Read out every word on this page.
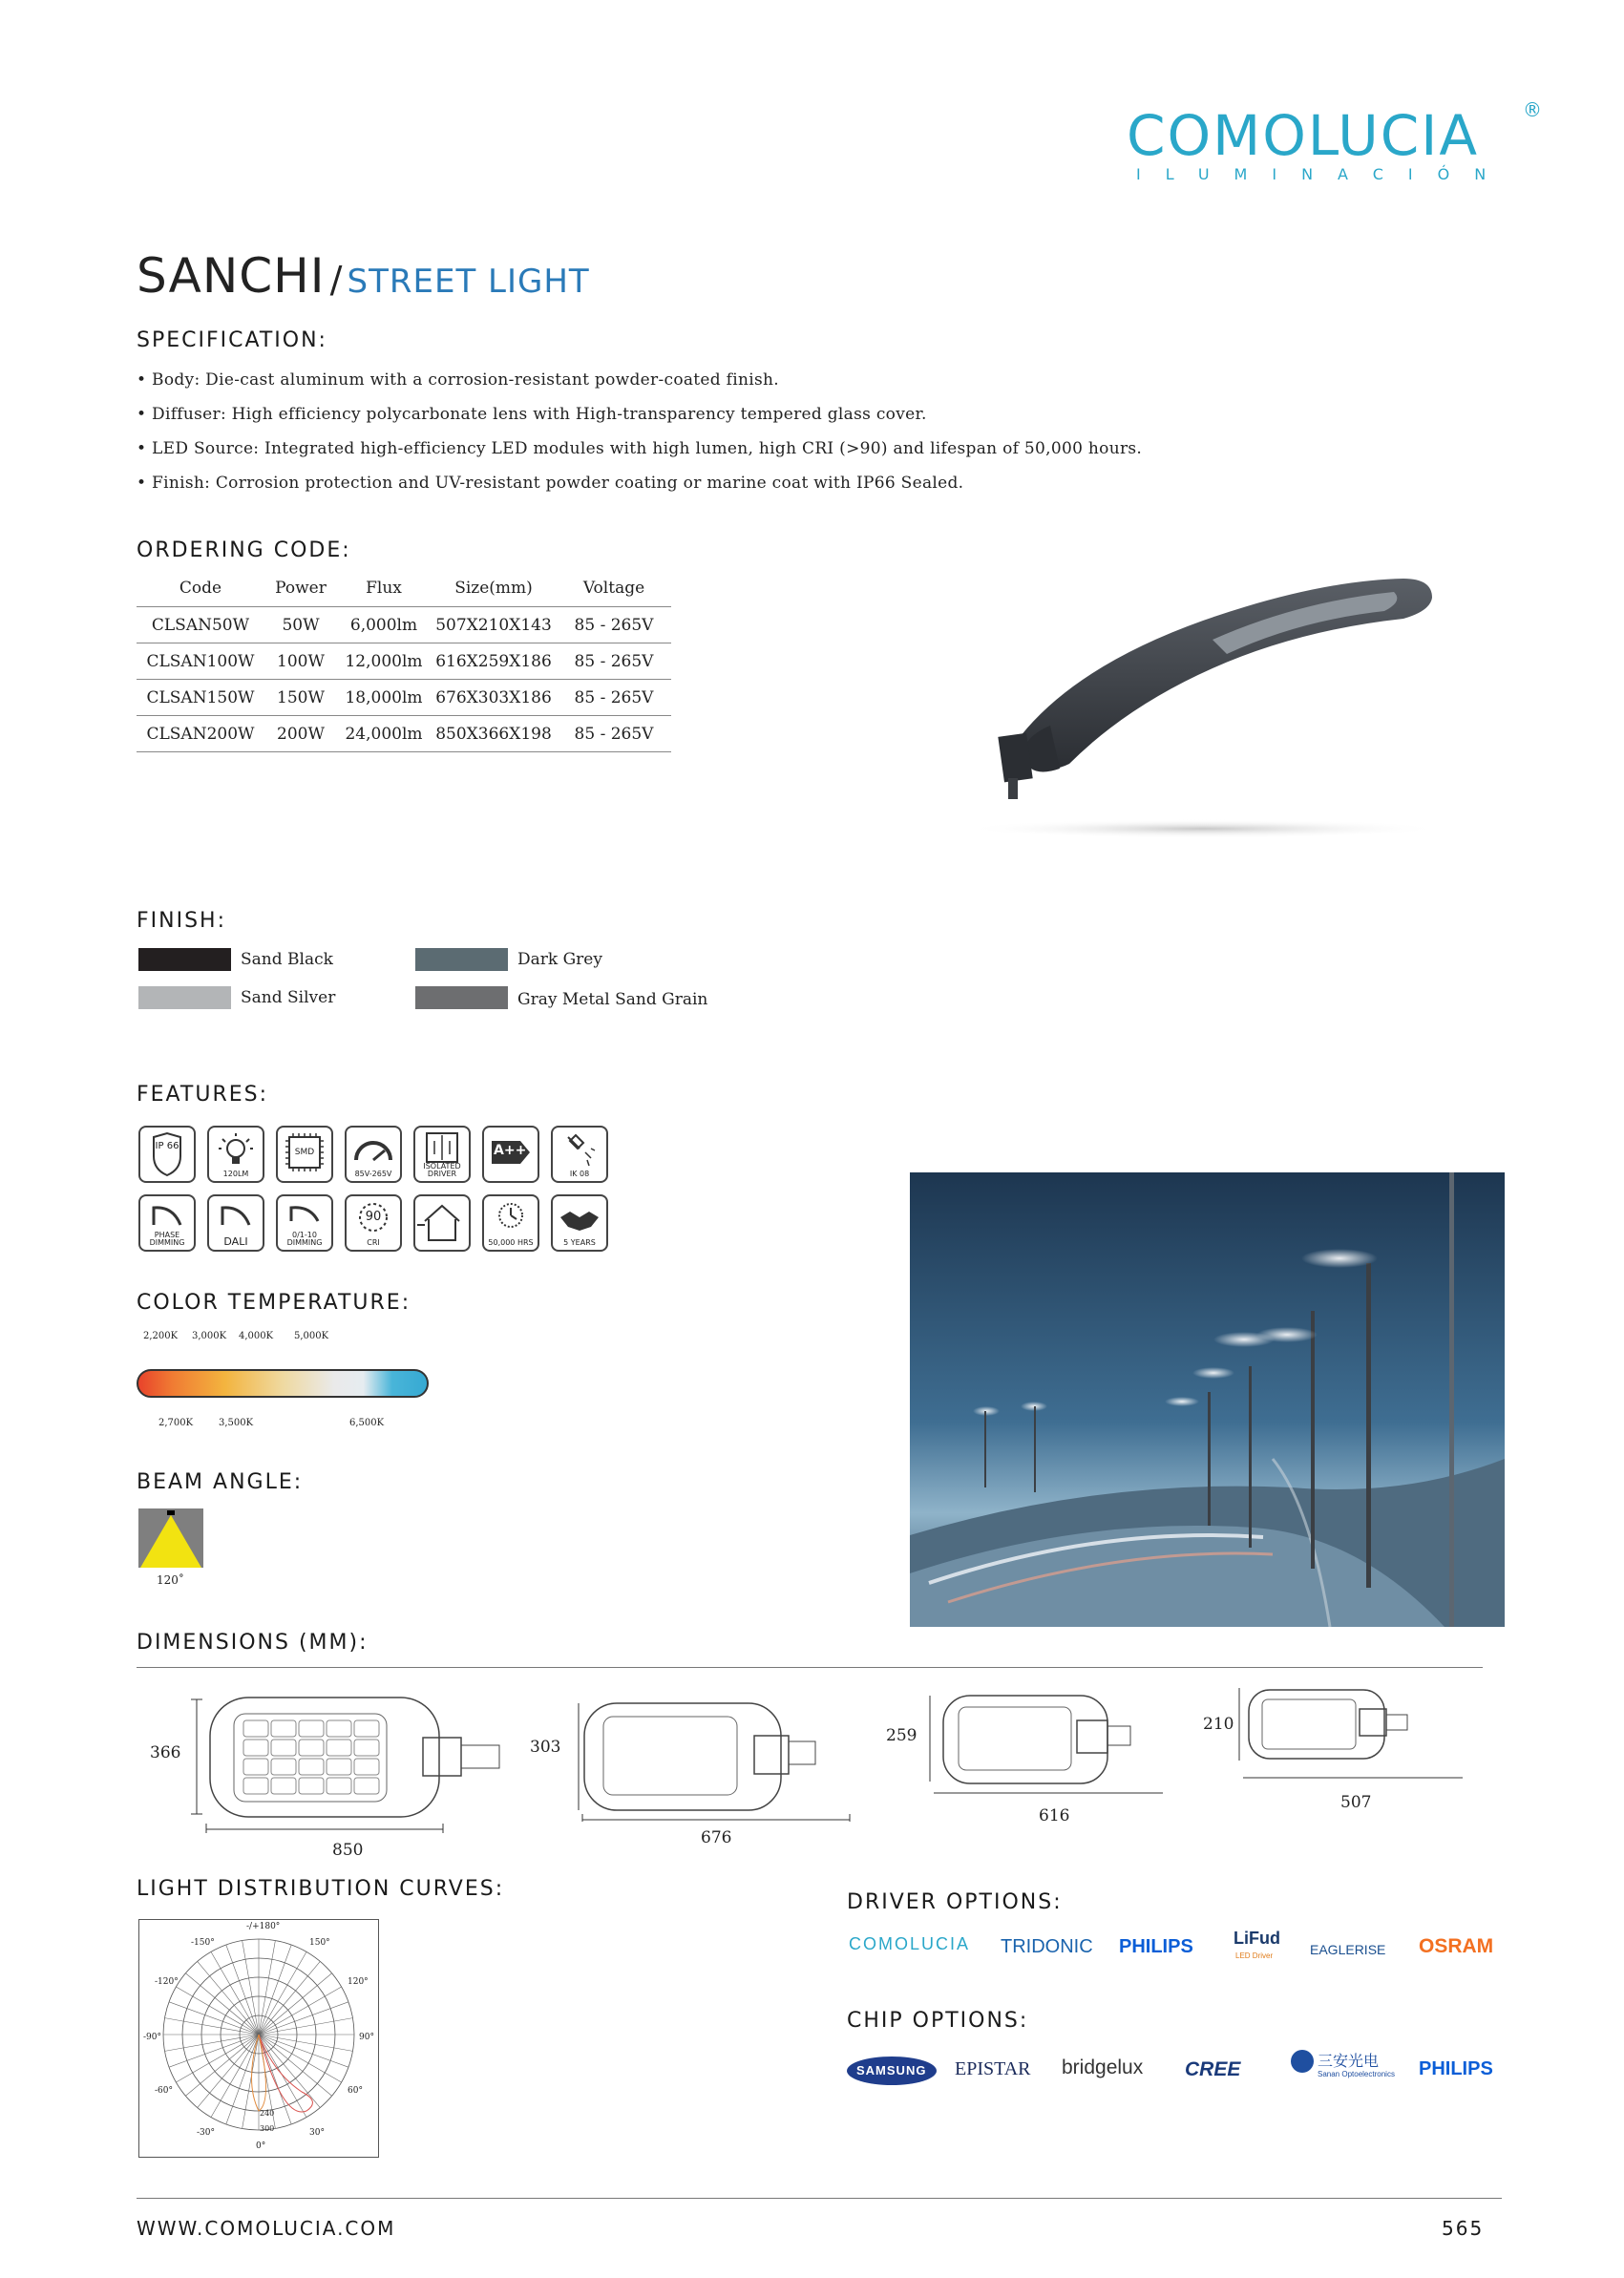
COMOLUCIA ®
ILUMINACIÓN
SANCHI / STREET LIGHT
SPECIFICATION:
• Body: Die-cast aluminum with a corrosion-resistant powder-coated finish.
• Diffuser: High efficiency polycarbonate lens with High-transparency tempered glass cover.
• LED Source: Integrated high-efficiency LED modules with high lumen, high CRI (>90) and lifespan of 50,000 hours.
• Finish: Corrosion protection and UV-resistant powder coating or marine coat with IP66 Sealed.
ORDERING CODE:
Code	Power	Flux	Size(mm)	Voltage
CLSAN50W	50W	6,000lm	507X210X143	85 - 265V
CLSAN100W	100W	12,000lm	616X259X186	85 - 265V
CLSAN150W	150W	18,000lm	676X303X186	85 - 265V
CLSAN200W	200W	24,000lm	850X366X198	85 - 265V
FINISH:
Sand Black	Dark Grey
Sand Silver	Gray Metal Sand Grain
FEATURES:
IP 66
120LM
SMD
85V-265V
ISOLATED DRIVER
A++
IK 08
PHASE DIMMING	DALI
0/1-10 DIMMING
90
CRI	50,000 HRS	5 YEARS
COLOR TEMPERATURE:
2,200K 3,000K 4,000K 5,000K
2,700K	3,500K	6,500K
BEAM ANGLE:
120˚
DIMENSIONS (MM):
366
850
303
676
259
616
210
507
LIGHT DISTRIBUTION CURVES:
-/+180°
-150°	150°
-120°	120°
-90°	90°
-60°	60°
-30°	30°
0°
240
300
DRIVER OPTIONS:
COMOLUCIA TRIDONIC PHILIPS LiFud
LED Driver	EAGLERISE OSRAM
CHIP OPTIONS:
SAMSUNG EPISTAR bridgelux CREE	三安光电
Sanan Optoelectronics PHILIPS
WWW.COMOLUCIA.COM	565
